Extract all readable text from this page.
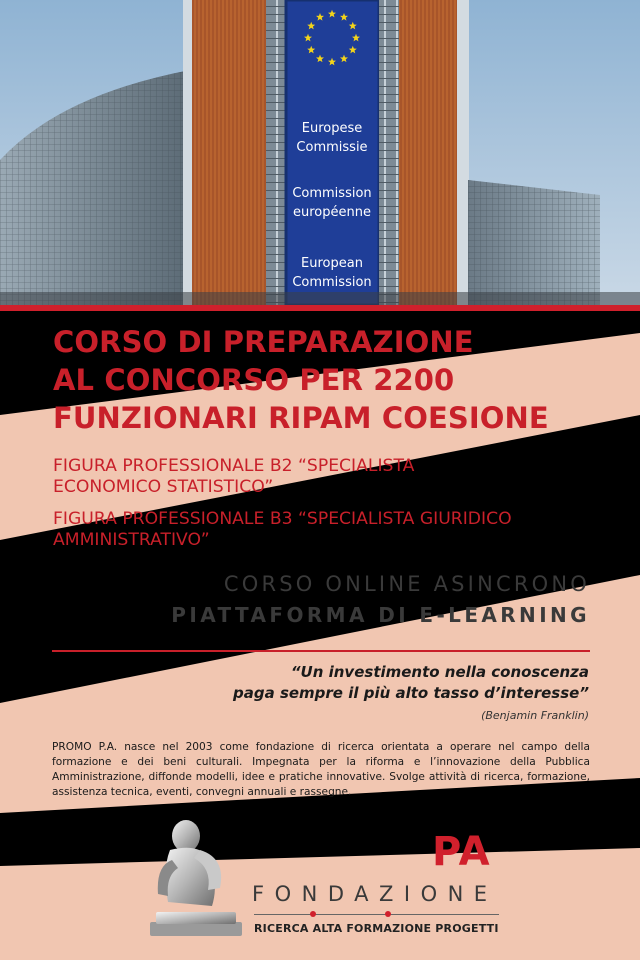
Europese
Commissie
Commission
européenne
European
Commission
CORSO DI PREPARAZIONE
AL CONCORSO PER 2200
FUNZIONARI RIPAM COESIONE

FIGURA PROFESSIONALE B2 “SPECIALISTA
ECONOMICO STATISTICO”

FIGURA PROFESSIONALE B3 “SPECIALISTA GIURIDICO
AMMINISTRATIVO”

CORSO ONLINE ASINCRONO
PIATTAFORMA DI E-LEARNING
“Un investimento nella conoscenza
paga sempre il più alto tasso d’interesse”
(Benjamin Franklin)

PROMO P.A. nasce nel 2003 come fondazione di ricerca orientata a operare nel campo della formazione e dei beni culturali. Impegnata per la riforma e l’innovazione della Pubblica Amministrazione, diffonde modelli, idee e pratiche innovative. Svolge attività di ricerca, formazione, assistenza tecnica, eventi, convegni annuali e rassegne.

PA
FONDAZIONE
RICERCA ALTA FORMAZIONE PROGETTI
